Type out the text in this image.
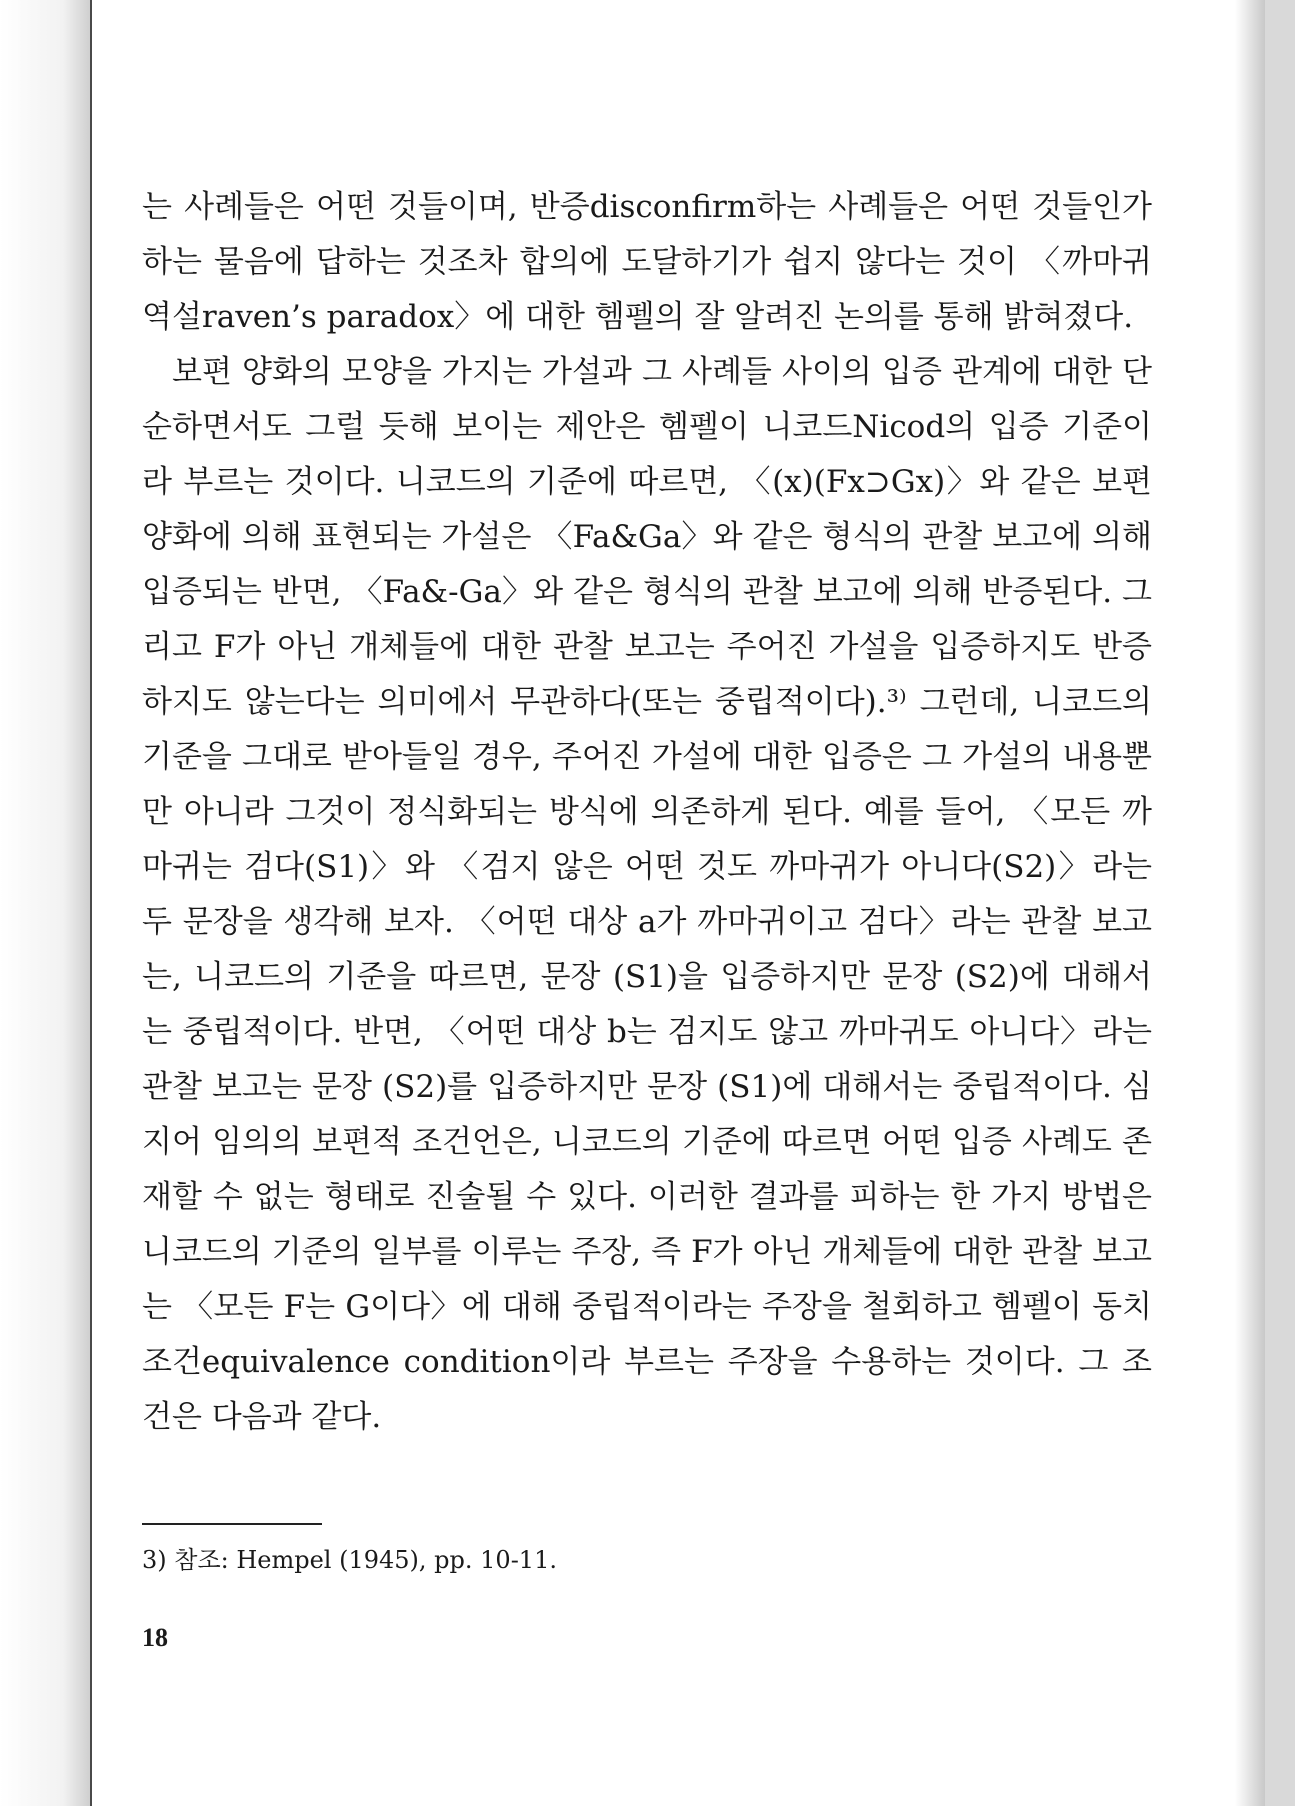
는 사례들은 어떤 것들이며, 반증disconfirm하는 사례들은 어떤 것들인가 하는 물음에 답하는 것조차 합의에 도달하기가 쉽지 않다는 것이 〈까마귀 역설raven’s paradox〉에 대한 헴펠의 잘 알려진 논의를 통해 밝혀졌다.

보편 양화의 모양을 가지는 가설과 그 사례들 사이의 입증 관계에 대한 단순하면서도 그럴 듯해 보이는 제안은 헴펠이 니코드Nicod의 입증 기준이라 부르는 것이다. 니코드의 기준에 따르면, 〈(x)(Fx⊃Gx)〉와 같은 보편 양화에 의해 표현되는 가설은 〈Fa&Ga〉와 같은 형식의 관찰 보고에 의해 입증되는 반면, 〈Fa&-Ga〉와 같은 형식의 관찰 보고에 의해 반증된다. 그리고 F가 아닌 개체들에 대한 관찰 보고는 주어진 가설을 입증하지도 반증하지도 않는다는 의미에서 무관하다(또는 중립적이다).³⁾ 그런데, 니코드의 기준을 그대로 받아들일 경우, 주어진 가설에 대한 입증은 그 가설의 내용뿐만 아니라 그것이 정식화되는 방식에 의존하게 된다. 예를 들어, 〈모든 까마귀는 검다(S1)〉와 〈검지 않은 어떤 것도 까마귀가 아니다(S2)〉라는 두 문장을 생각해 보자. 〈어떤 대상 a가 까마귀이고 검다〉라는 관찰 보고는, 니코드의 기준을 따르면, 문장 (S1)을 입증하지만 문장 (S2)에 대해서는 중립적이다. 반면, 〈어떤 대상 b는 검지도 않고 까마귀도 아니다〉라는 관찰 보고는 문장 (S2)를 입증하지만 문장 (S1)에 대해서는 중립적이다. 심지어 임의의 보편적 조건언은, 니코드의 기준에 따르면 어떤 입증 사례도 존재할 수 없는 형태로 진술될 수 있다. 이러한 결과를 피하는 한 가지 방법은 니코드의 기준의 일부를 이루는 주장, 즉 F가 아닌 개체들에 대한 관찰 보고는 〈모든 F는 G이다〉에 대해 중립적이라는 주장을 철회하고 헴펠이 동치 조건equivalence condition이라 부르는 주장을 수용하는 것이다. 그 조건은 다음과 같다.

3) 참조: Hempel (1945), pp. 10-11.
18
